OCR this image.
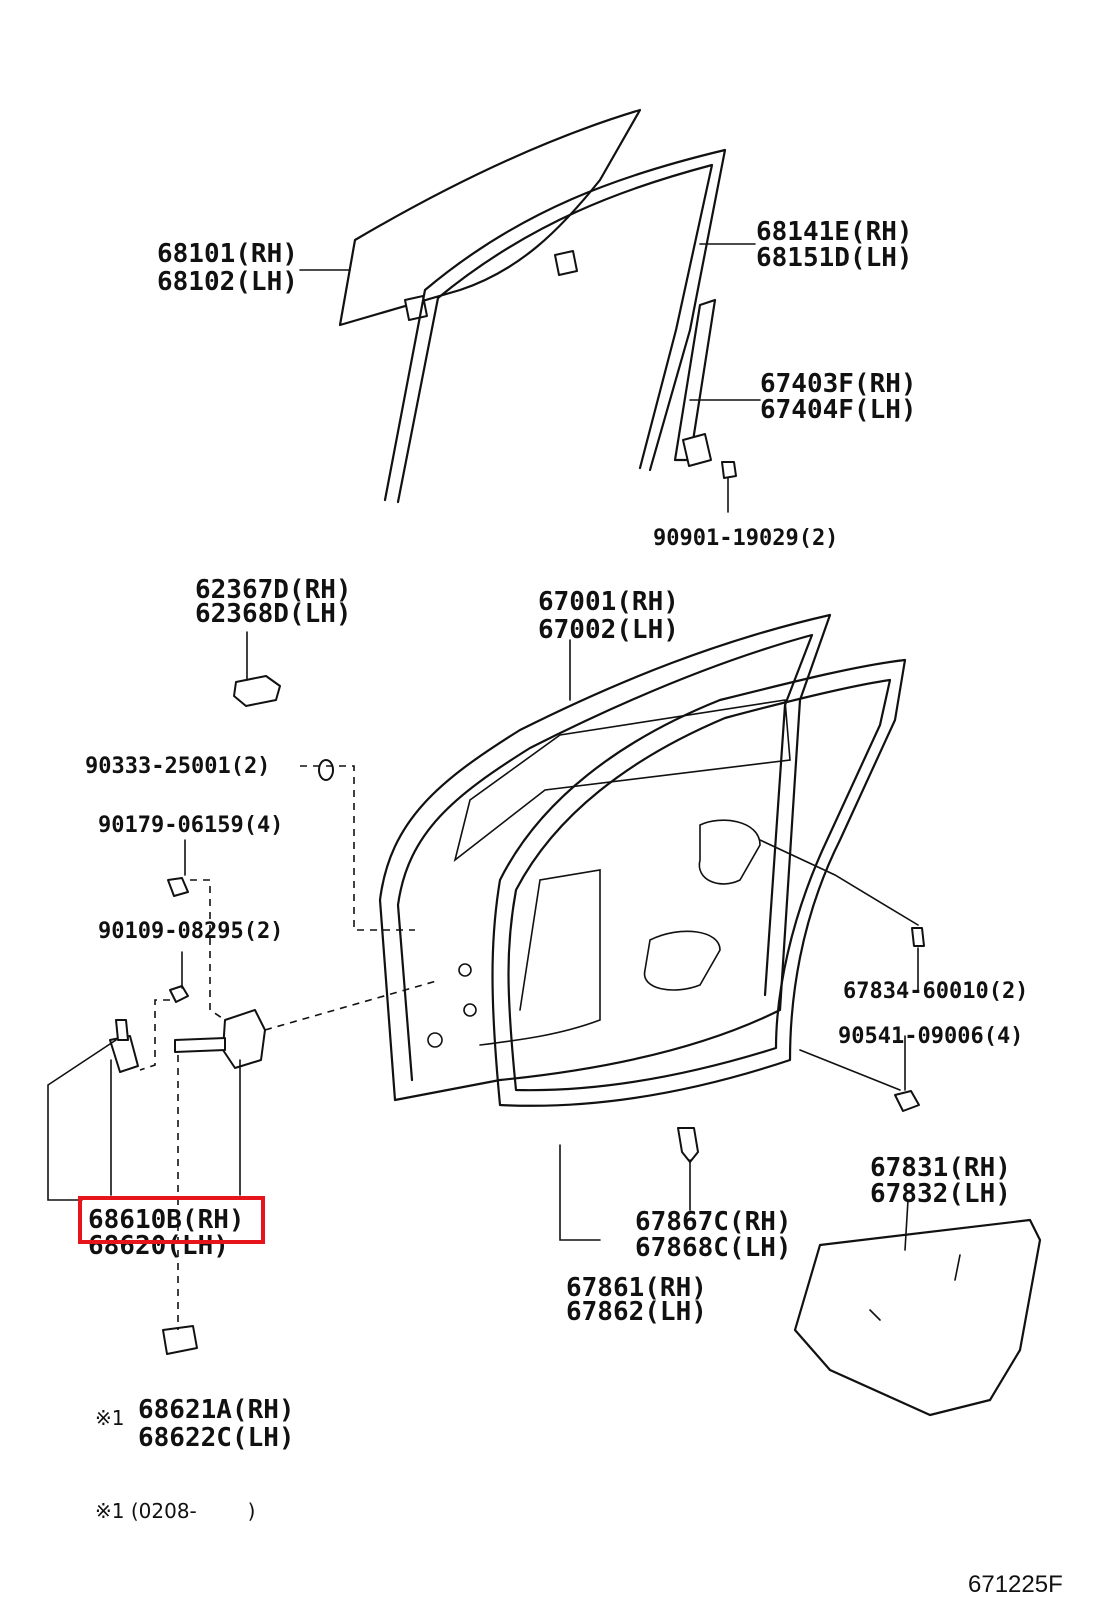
68101(RH)
68102(LH)
68141E(RH)
68151D(LH)
67403F(RH)
67404F(LH)
90901-19029(2)
62367D(RH)
62368D(LH)	67001(RH)
67002(LH)
90333-25001(2)
90179-06159(4)
90109-08295(2)
68610B(RH)
68620(LH)
※1 68621A(RH)
68622C(LH)
67834-60010(2)
90541-09006(4)
67867C(RH)
67868C(LH)
67861(RH)
67862(LH)
67831(RH)
67832(LH)
※1 (0208-        )
671225F
